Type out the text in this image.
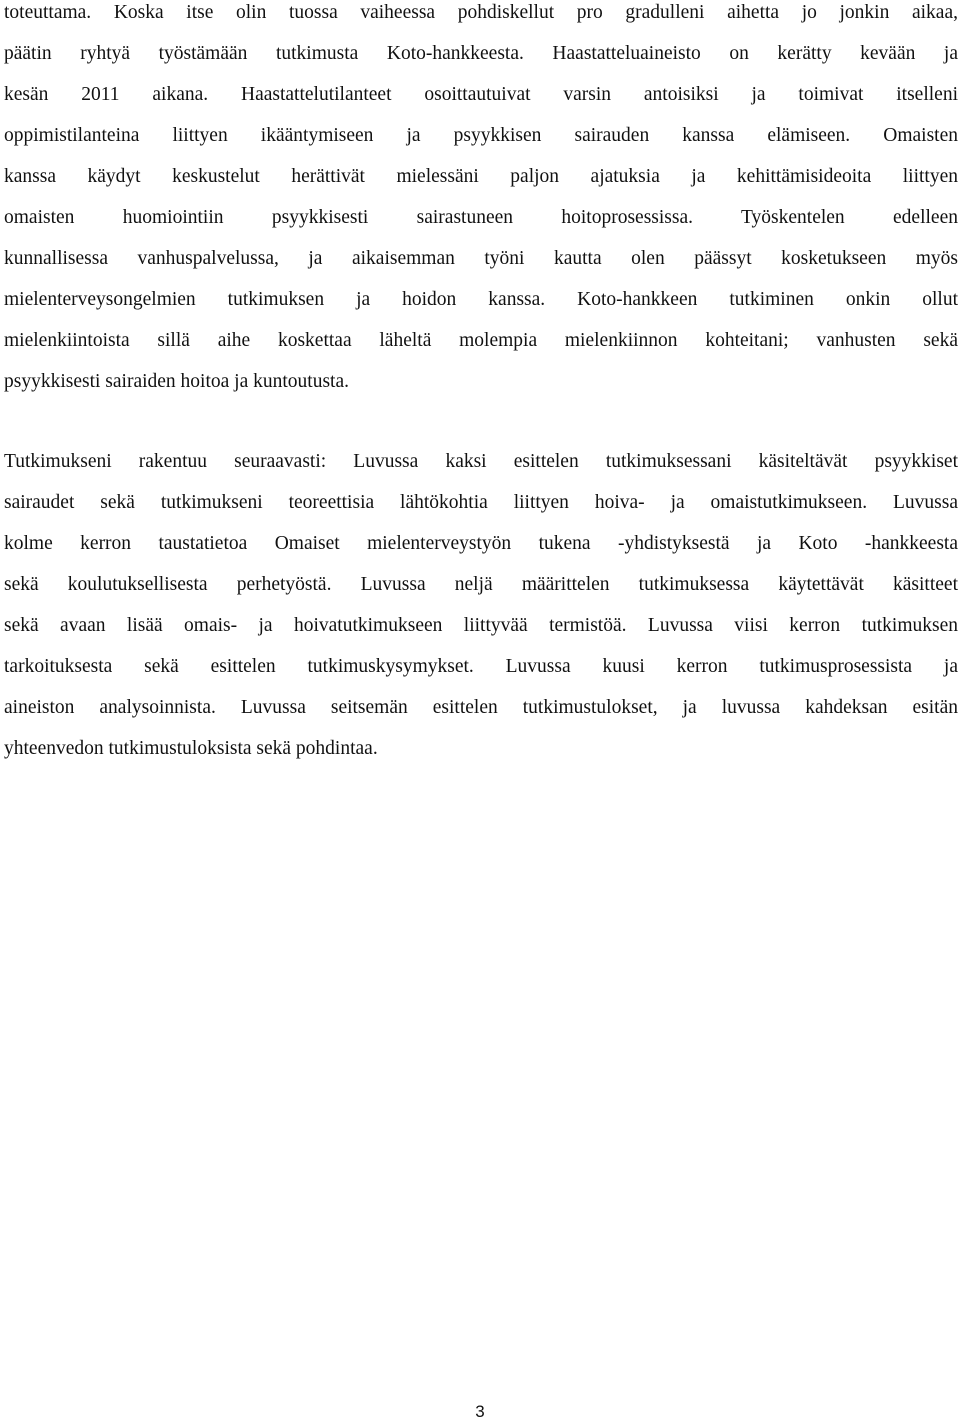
toteuttama. Koska itse olin tuossa vaiheessa pohdiskellut pro gradulleni aihetta jo jonkin aikaa,
päätin ryhtyä työstämään tutkimusta Koto-hankkeesta. Haastatteluaineisto on kerätty kevään ja
kesän 2011 aikana. Haastattelutilanteet osoittautuivat varsin antoisiksi ja toimivat itselleni
oppimistilanteina liittyen ikääntymiseen ja psyykkisen sairauden kanssa elämiseen. Omaisten
kanssa käydyt keskustelut herättivät mielessäni paljon ajatuksia ja kehittämisideoita liittyen
omaisten huomiointiin psyykkisesti sairastuneen hoitoprosessissa. Työskentelen edelleen
kunnallisessa vanhuspalvelussa, ja aikaisemman työni kautta olen päässyt kosketukseen myös
mielenterveysongelmien tutkimuksen ja hoidon kanssa. Koto-hankkeen tutkiminen onkin ollut
mielenkiintoista sillä aihe koskettaa läheltä molempia mielenkiinnon kohteitani; vanhusten sekä
psyykkisesti sairaiden hoitoa ja kuntoutusta.
Tutkimukseni rakentuu seuraavasti: Luvussa kaksi esittelen tutkimuksessani käsiteltävät psyykkiset
sairaudet sekä tutkimukseni teoreettisia lähtökohtia liittyen hoiva- ja omaistutkimukseen. Luvussa
kolme kerron taustatietoa Omaiset mielenterveystyön tukena -yhdistyksestä ja Koto -hankkeesta
sekä koulutuksellisesta perhetyöstä. Luvussa neljä määrittelen tutkimuksessa käytettävät käsitteet
sekä avaan lisää omais- ja hoivatutkimukseen liittyvää termistöä. Luvussa viisi kerron tutkimuksen
tarkoituksesta sekä esittelen tutkimuskysymykset. Luvussa kuusi kerron tutkimusprosessista ja
aineiston analysoinnista. Luvussa seitsemän esittelen tutkimustulokset, ja luvussa kahdeksan esitän
yhteenvedon tutkimustuloksista sekä pohdintaa.
3
